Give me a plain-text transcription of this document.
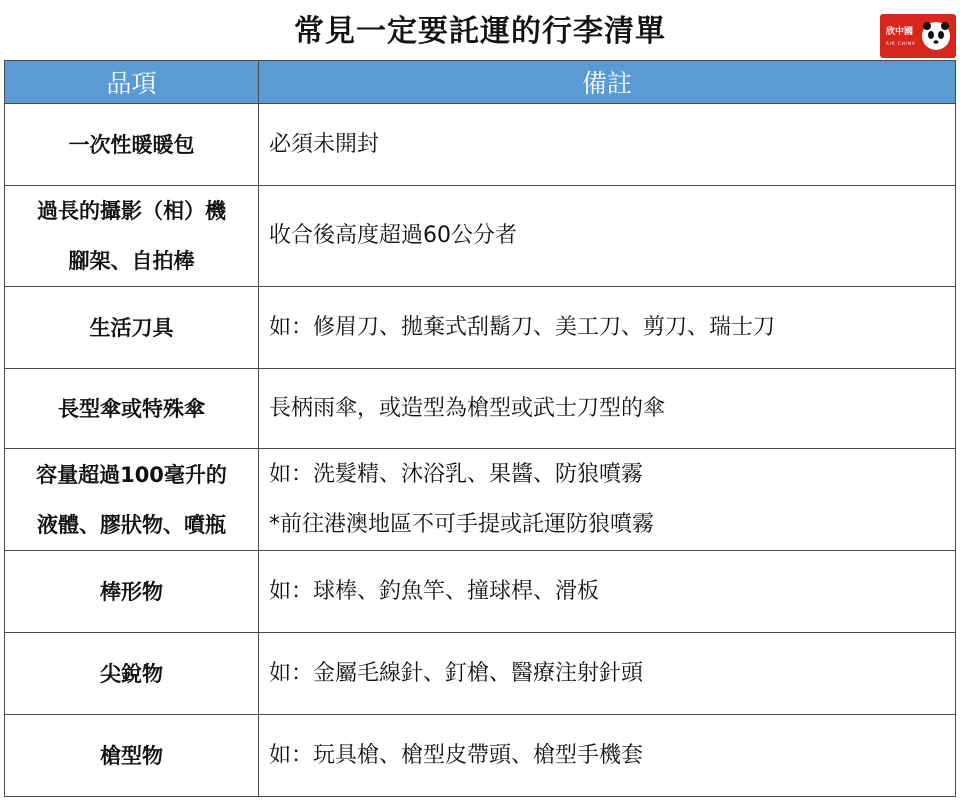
常見一定要託運的行李清單	欣中國
AIR CHINA
品項	備註

一次性暖暖包	必須未開封

過長的攝影（相）機
腳架、自拍棒	收合後高度超過60公分者

生活刀具	如：修眉刀、拋棄式刮鬍刀、美工刀、剪刀、瑞士刀

長型傘或特殊傘	長柄雨傘，或造型為槍型或武士刀型的傘

容量超過100毫升的
液體、膠狀物、噴瓶	如：洗髮精、沐浴乳、果醬、防狼噴霧
*前往港澳地區不可手提或託運防狼噴霧

棒形物	如：球棒、釣魚竿、撞球桿、滑板

尖銳物	如：金屬毛線針、釘槍、醫療注射針頭

槍型物	如：玩具槍、槍型皮帶頭、槍型手機套
